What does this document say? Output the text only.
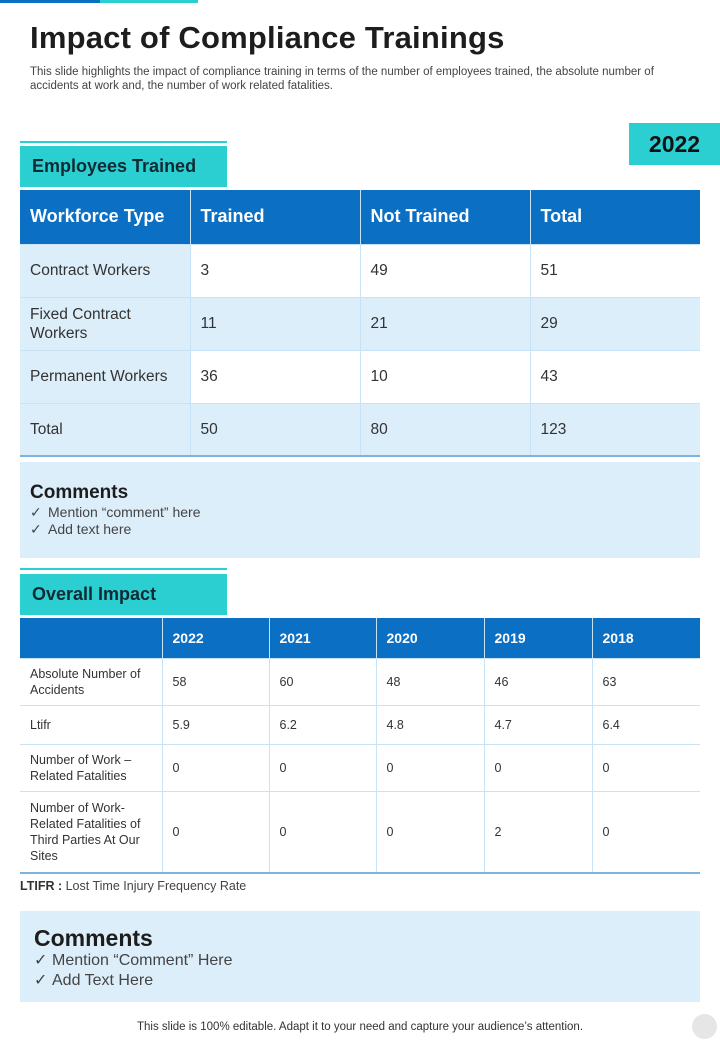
Impact of Compliance Trainings

This slide highlights the impact of compliance training in terms of the number of employees trained, the absolute number of accidents at work and, the number of work related fatalities.

2022
Employees Trained
Workforce Type	Trained	Not Trained	Total
Contract Workers	3	49	51
Fixed Contract Workers	11	21	29
Permanent Workers	36	10	43
Total	50	80	123
Comments
✓ Mention “comment” here
✓ Add text here
Overall Impact
	2022	2021	2020	2019	2018
Absolute Number of Accidents	58	60	48	46	63
Ltifr	5.9	6.2	4.8	4.7	6.4
Number of Work – Related Fatalities	0	0	0	0	0
Number of Work-Related Fatalities of Third Parties At Our Sites	0	0	0	2	0
LTIFR : Lost Time Injury Frequency Rate
Comments
✓ Mention “Comment” Here
✓ Add Text Here
This slide is 100% editable. Adapt it to your need and capture your audience’s attention.
